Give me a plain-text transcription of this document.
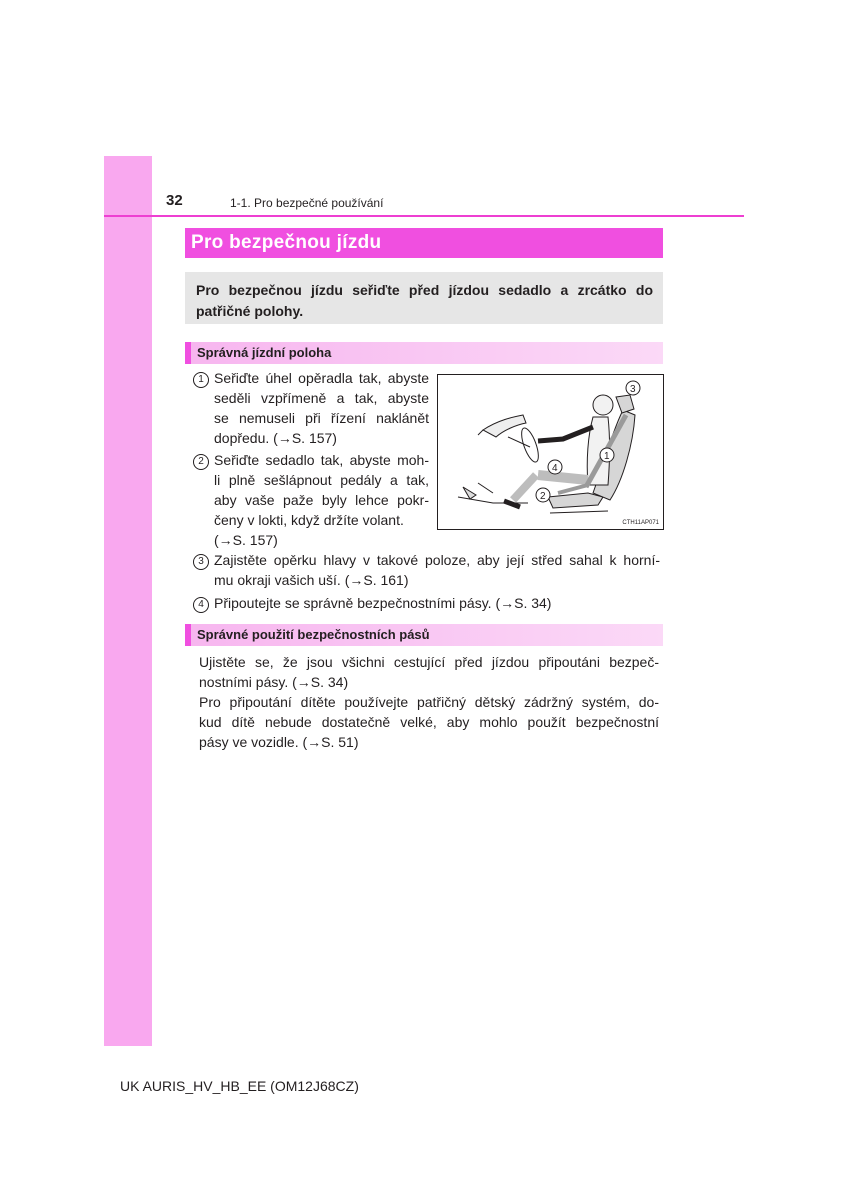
32	1-1. Pro bezpečné používání
Pro bezpečnou jízdu

Pro bezpečnou jízdu seřiďte před jízdou sedadlo a zrcátko do patřičné polohy.

Správná jízdní poloha
1 Seřiďte úhel opěradla tak, abyste
seděli vzpřímeně a tak, abyste
se nemuseli při řízení naklánět
dopředu. (→S. 157)
2 Seřiďte sedadlo tak, abyste moh-
li plně sešlápnout pedály a tak,
aby vaše paže byly lehce pokr-
čeny v lokti, když držíte volant.
(→S. 157)
1
2
3
4
CTH11AP071
3 Zajistěte opěrku hlavy v takové poloze, aby její střed sahal k horní-
mu okraji vašich uší. (→S. 161)
4 Připoutejte se správně bezpečnostními pásy. (→S. 34)
Správné použití bezpečnostních pásů
Ujistěte se, že jsou všichni cestující před jízdou připoutáni bezpeč-
nostními pásy. (→S. 34)
Pro připoutání dítěte používejte patřičný dětský zádržný systém, do-
kud dítě nebude dostatečně velké, aby mohlo použít bezpečnostní
pásy ve vozidle. (→S. 51)
UK AURIS_HV_HB_EE (OM12J68CZ)
